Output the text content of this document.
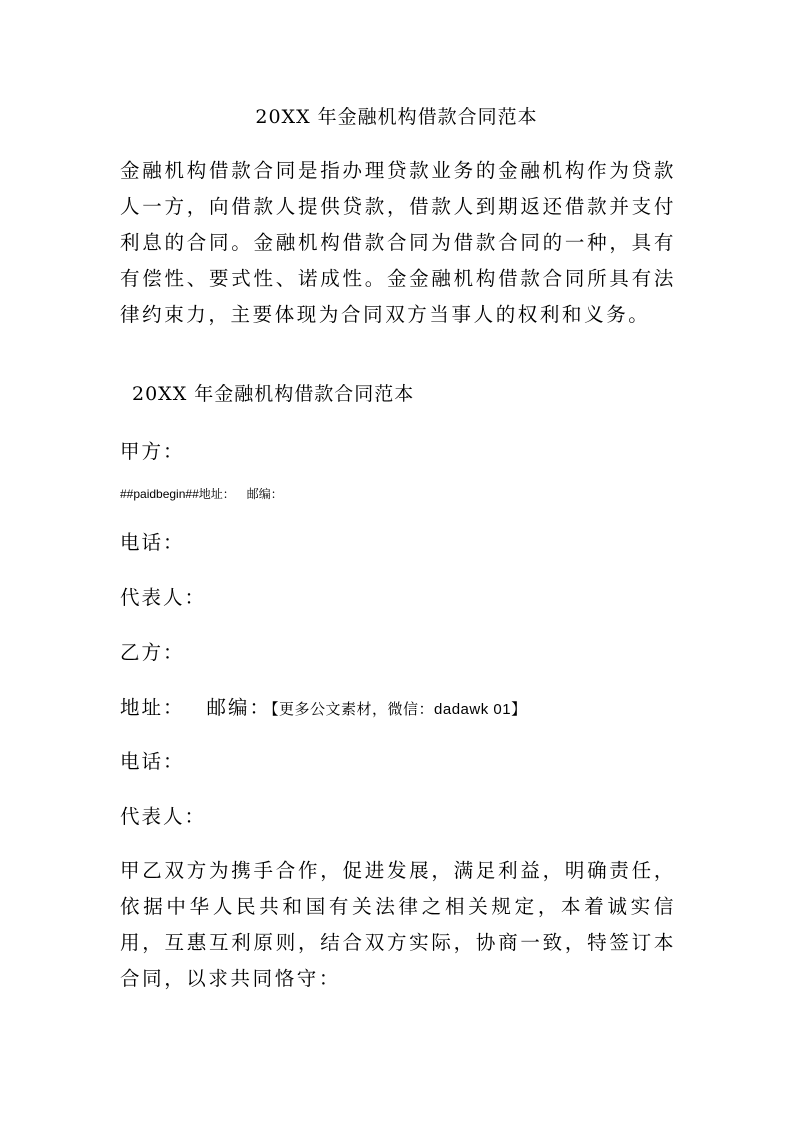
20XX 年金融机构借款合同范本

金融机构借款合同是指办理贷款业务的金融机构作为贷款人一方，向借款人提供贷款，借款人到期返还借款并支付利息的合同。金融机构借款合同为借款合同的一种，具有有偿性、要式性、诺成性。金金融机构借款合同所具有法律约束力，主要体现为合同双方当事人的权利和义务。

20XX 年金融机构借款合同范本
甲方：
##paidbegin##地址： 邮编：
电话：
代表人：
乙方：
地址： 邮编：【更多公文素材，微信：dadawk 01】
电话：
代表人：

甲乙双方为携手合作，促进发展，满足利益，明确责任，依据中华人民共和国有关法律之相关规定，本着诚实信用，互惠互利原则，结合双方实际，协商一致，特签订本合同，以求共同恪守：
